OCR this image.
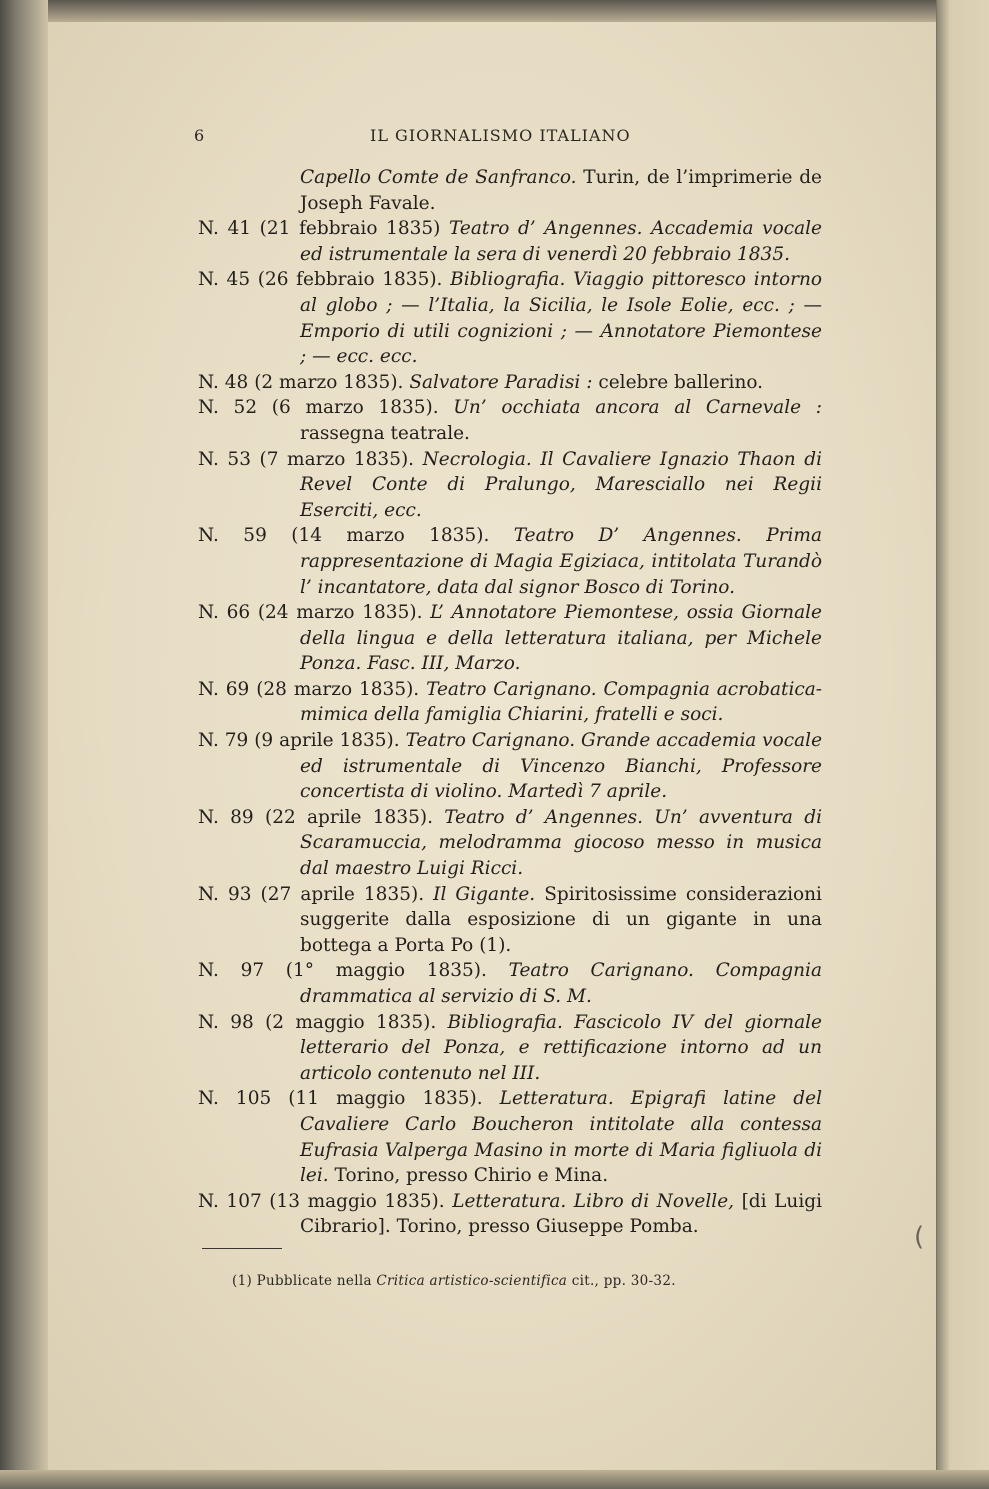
6	IL GIORNALISMO ITALIANO

Capello Comte de Sanfranco. Turin, de l’imprimerie de Joseph Favale.

N. 41 (21 febbraio 1835) Teatro d’ Angennes. Accademia vocale ed istrumentale la sera di venerdì 20 febbraio 1835.

N. 45 (26 febbraio 1835). Bibliografia. Viaggio pittoresco intorno al globo ; — l’Italia, la Sicilia, le Isole Eolie, ecc. ; — Emporio di utili cognizioni ; — Annotatore Piemontese ; — ecc. ecc.

N. 48 (2 marzo 1835). Salvatore Paradisi : celebre ballerino.

N. 52 (6 marzo 1835). Un’ occhiata ancora al Carnevale : rassegna teatrale.

N. 53 (7 marzo 1835). Necrologia. Il Cavaliere Ignazio Thaon di Revel Conte di Pralungo, Maresciallo nei Regii Eserciti, ecc.

N. 59 (14 marzo 1835). Teatro D’ Angennes. Prima rappresentazione di Magia Egiziaca, intitolata Turandò l’ incantatore, data dal signor Bosco di Torino.

N. 66 (24 marzo 1835). L’ Annotatore Piemontese, ossia Giornale della lingua e della letteratura italiana, per Michele Ponza. Fasc. III, Marzo.

N. 69 (28 marzo 1835). Teatro Carignano. Compagnia acrobatica-mimica della famiglia Chiarini, fratelli e soci.

N. 79 (9 aprile 1835). Teatro Carignano. Grande accademia vocale ed istrumentale di Vincenzo Bianchi, Professore concertista di violino. Martedì 7 aprile.

N. 89 (22 aprile 1835). Teatro d’ Angennes. Un’ avventura di Scaramuccia, melodramma giocoso messo in musica dal maestro Luigi Ricci.

N. 93 (27 aprile 1835). Il Gigante. Spiritosissime considerazioni suggerite dalla esposizione di un gigante in una bottega a Porta Po (1).

N. 97 (1° maggio 1835). Teatro Carignano. Compagnia drammatica al servizio di S. M.

N. 98 (2 maggio 1835). Bibliografia. Fascicolo IV del giornale letterario del Ponza, e rettificazione intorno ad un articolo contenuto nel III.

N. 105 (11 maggio 1835). Letteratura. Epigrafi latine del Cavaliere Carlo Boucheron intitolate alla contessa Eufrasia Valperga Masino in morte di Maria figliuola di lei. Torino, presso Chirio e Mina.

N. 107 (13 maggio 1835). Letteratura. Libro di Novelle, [di Luigi Cibrario]. Torino, presso Giuseppe Pomba.

(1) Pubblicate nella Critica artistico-scientifica cit., pp. 30-32.
(
